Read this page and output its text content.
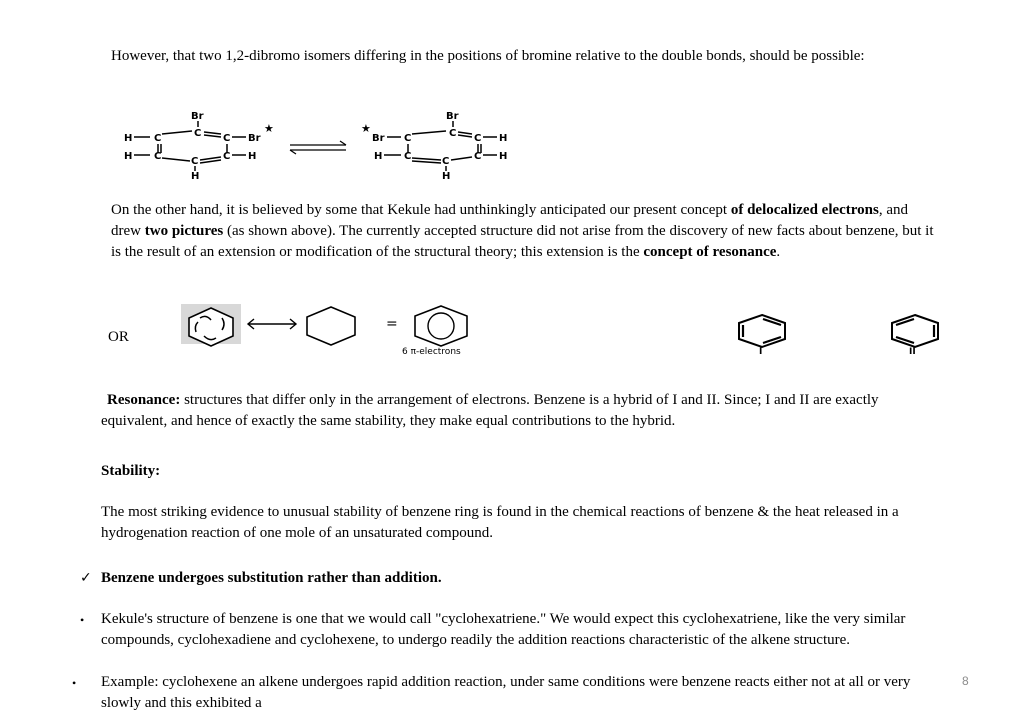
However, that two 1,2-dibromo isomers differing in the positions of bromine relative to the double bonds, should be possible:

Br
C
H C	C Br
★
H C	C C H
H
Br
C
★
Br C	C H
H C	C C H
H

On the other hand, it is believed by some that Kekule had unthinkingly anticipated our present concept of delocalized electrons, and drew two pictures (as shown above). The currently accepted structure did not arise from the discovery of new facts about benzene, but it is the result of an extension or modification of the structural theory; this extension is the concept of resonance.

OR
=
6 π-electrons	I	II

Resonance: structures that differ only in the arrangement of electrons. Benzene is a hybrid of I and II. Since; I and II are exactly equivalent, and hence of exactly the same stability, they make equal contributions to the hybrid.

Stability:

The most striking evidence to unusual stability of benzene ring is found in the chemical reactions of benzene & the heat released in a hydrogenation reaction of one mole of an unsaturated compound.

✓ Benzene undergoes substitution rather than addition.
• Kekule's structure of benzene is one that we would call "cyclohexatriene." We would expect this cyclohexatriene, like the very similar compounds, cyclohexadiene and cyclohexene, to undergo readily the addition reactions characteristic of the alkene structure.

• Example: cyclohexene an alkene undergoes rapid addition reaction, under same conditions were benzene reacts either not at all or very slowly and this exhibited a

8
